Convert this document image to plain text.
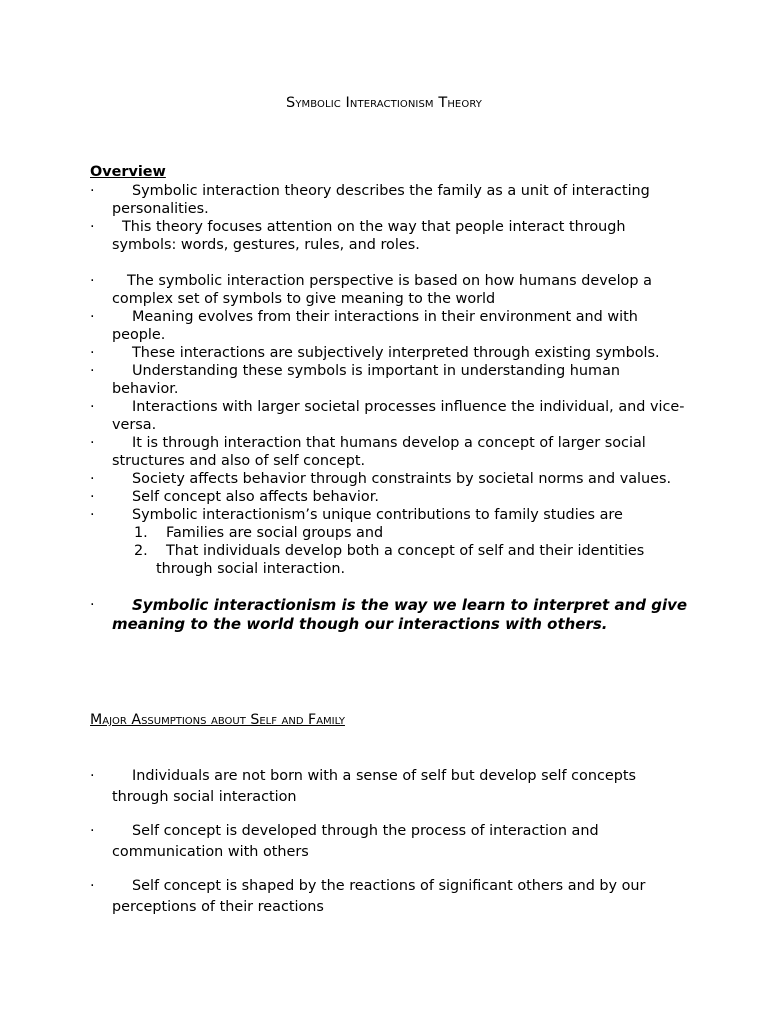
Symbolic Interactionism Theory
Overview
·	Symbolic interaction theory describes the family as a unit of interacting personalities.
·	This theory focuses attention on the way that people interact through symbols: words, gestures, rules, and roles.
·	The symbolic interaction perspective is based on how humans develop a complex set of symbols to give meaning to the world
·	Meaning evolves from their interactions in their environment and with people.
·	These interactions are subjectively interpreted through existing symbols.
·	Understanding these symbols is important in understanding human behavior.
·	Interactions with larger societal processes influence the individual, and vice- versa.
·	It is through interaction that humans develop a concept of larger social structures and also of self concept.
·	Society affects behavior through constraints by societal norms and values.
·	Self concept also affects behavior.
·	Symbolic interactionism’s unique contributions to family studies are
1.	Families are social groups and
2.	That individuals develop both a concept of self and their identities through social interaction.
·	Symbolic interactionism is the way we learn to interpret and give meaning to the world though our interactions with others.
Major Assumptions about Self and Family
·	Individuals are not born with a sense of self but develop self concepts through social interaction
·	Self concept is developed through the process of interaction and communication with others
·	Self concept is shaped by the reactions of significant others and by our perceptions of their reactions
